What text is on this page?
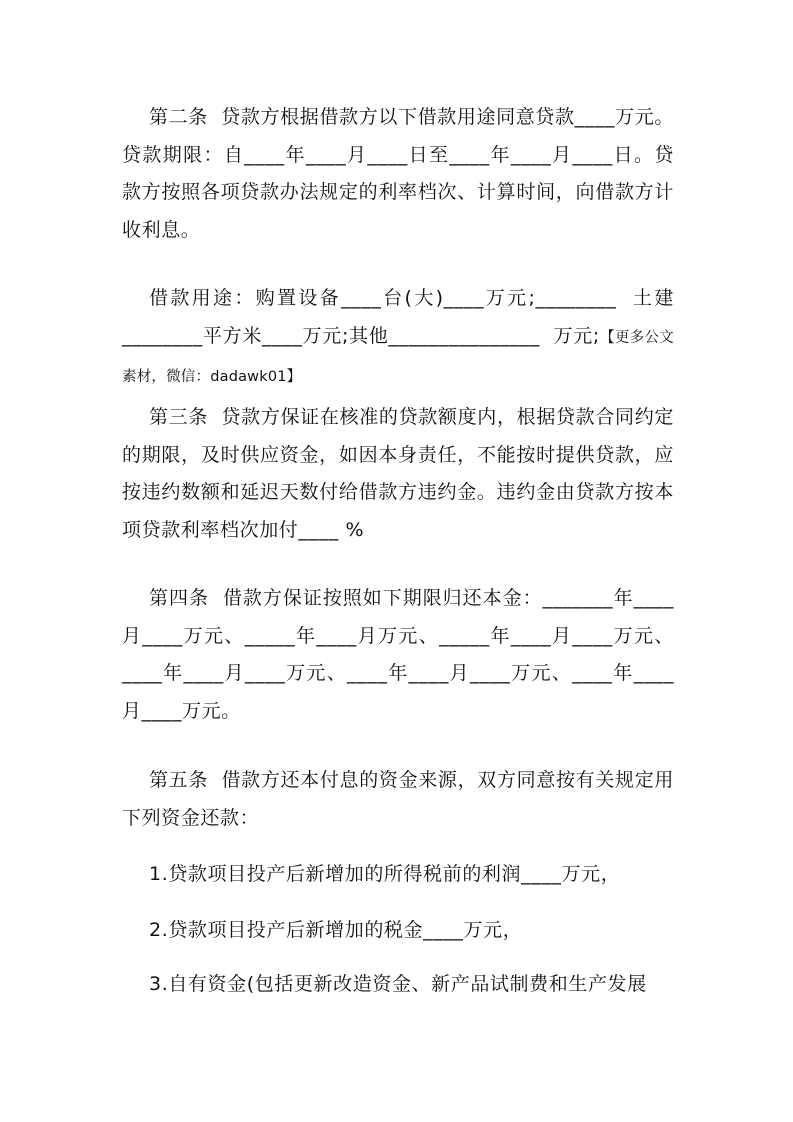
第二条  贷款方根据借款方以下借款用途同意贷款____万元。贷款期限：自____年____月____日至____年____月____日。贷款方按照各项贷款办法规定的利率档次、计算时间，向借款方计收利息。

借款用途：购置设备____台(大)____万元;________  土建________平方米____万元;其他_______________  万元;【更多公文素材，微信：dadawk01】

第三条  贷款方保证在核准的贷款额度内，根据贷款合同约定的期限，及时供应资金，如因本身责任，不能按时提供贷款，应按违约数额和延迟天数付给借款方违约金。违约金由贷款方按本项贷款利率档次加付____ %

第四条  借款方保证按照如下期限归还本金：_______年____月____万元、_____年____月万元、_____年____月____万元、____年____月____万元、____年____月____万元、____年____月____万元。

第五条  借款方还本付息的资金来源，双方同意按有关规定用下列资金还款：

1.贷款项目投产后新增加的所得税前的利润____万元，

2.贷款项目投产后新增加的税金____万元，

3.自有资金(包括更新改造资金、新产品试制费和生产发展
